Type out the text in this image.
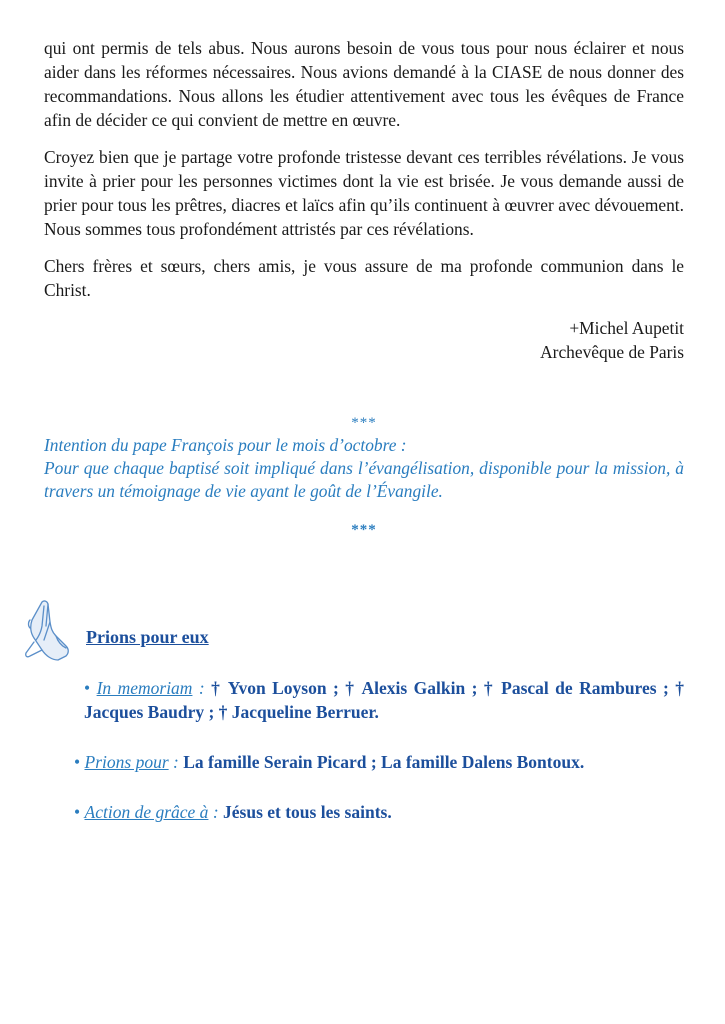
qui ont permis de tels abus. Nous aurons besoin de vous tous pour nous éclairer et nous aider dans les réformes nécessaires. Nous avions demandé à la CIASE de nous donner des recommandations. Nous allons les étudier attentivement avec tous les évêques de France afin de décider ce qui convient de mettre en œuvre.

Croyez bien que je partage votre profonde tristesse devant ces terribles révélations. Je vous invite à prier pour les personnes victimes dont la vie est brisée. Je vous demande aussi de prier pour tous les prêtres, diacres et laïcs afin qu’ils continuent à œuvrer avec dévouement. Nous sommes tous profondément attristés par ces révélations.

Chers frères et sœurs, chers amis, je vous assure de ma profonde communion dans le Christ.

+Michel Aupetit
Archevêque de Paris
***

Intention du pape François pour le mois d’octobre :

Pour que chaque baptisé soit impliqué dans l’évangélisation, disponible pour la mission, à travers un témoignage de vie ayant le goût de l’Évangile.

***
Prions pour eux

• In memoriam : † Yvon Loyson ; † Alexis Galkin ; † Pascal de Rambures ; † Jacques Baudry ; † Jacqueline Berruer.

• Prions pour : La famille Serain Picard ; La famille Dalens Bontoux.

• Action de grâce à : Jésus et tous les saints.
